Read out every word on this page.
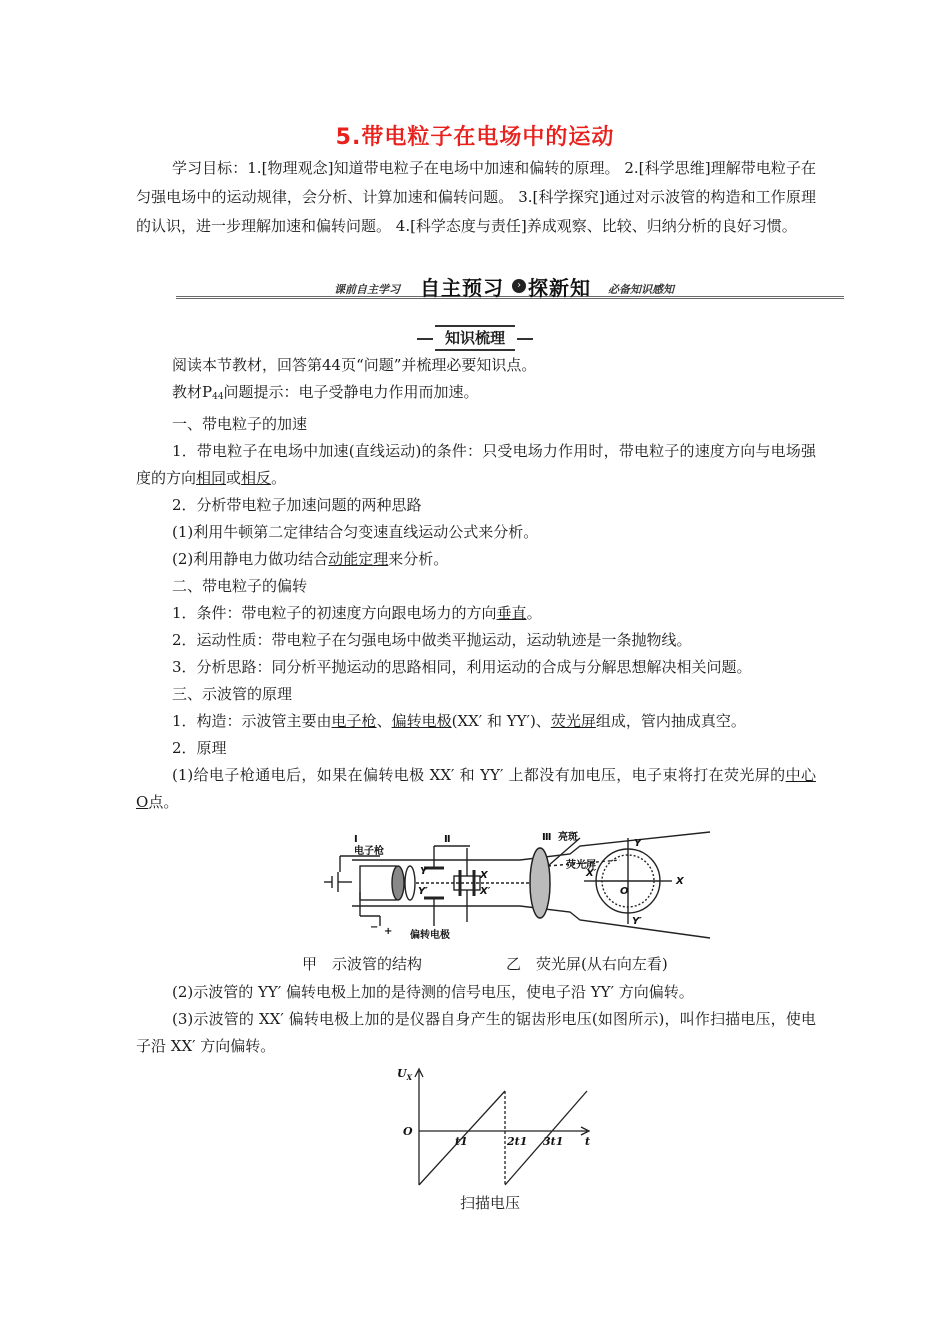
5.带电粒子在电场中的运动
学习目标：1.[物理观念]知道带电粒子在电场中加速和偏转的原理。 2.[科学思维]理解带电粒子在匀强电场中的运动规律，会分析、计算加速和偏转问题。 3.[科学探究]通过对示波管的构造和工作原理的认识，进一步理解加速和偏转问题。 4.[科学态度与责任]养成观察、比较、归纳分析的良好习惯。
课前自主学习 自主预习	› 探新知 必备知识感知
知识梳理

阅读本节教材，回答第44页“问题”并梳理必要知识点。

教材$P_{44}$问题提示：电子受静电力作用而加速。

一、带电粒子的加速

1．带电粒子在电场中加速(直线运动)的条件：只受电场力作用时，带电粒子的速度方向与电场强度的方向相同或相反。

2．分析带电粒子加速问题的两种思路

(1)利用牛顿第二定律结合匀变速直线运动公式来分析。

(2)利用静电力做功结合动能定理来分析。

二、带电粒子的偏转

1．条件：带电粒子的初速度方向跟电场力的方向垂直。

2．运动性质：带电粒子在匀强电场中做类平抛运动，运动轨迹是一条抛物线。

3．分析思路：同分析平抛运动的思路相同，利用运动的合成与分解思想解决相关问题。

三、示波管的原理

1．构造：示波管主要由电子枪、偏转电极(XX′ 和 YY′)、荧光屏组成，管内抽成真空。

2．原理

(1)给电子枪通电后，如果在偏转电极 XX′ 和 YY′ 上都没有加电压，电子束将打在荧光屏的中心 O点。

Ⅰ
电子枪
Ⅱ	Ⅲ 亮斑
荧光屏
偏转电极
Y
Y′
X
X′
Y
Y′
X
X′
O
− +
甲　示波管的结构	乙　荧光屏(从右向左看)

(2)示波管的 YY′ 偏转电极上加的是待测的信号电压，使电子沿 YY′ 方向偏转。

(3)示波管的 XX′ 偏转电极上加的是仪器自身产生的锯齿形电压(如图所示)，叫作扫描电压，使电子沿 XX′ 方向偏转。

$U_X$
O
t1	2t1 3t1 t
扫描电压
